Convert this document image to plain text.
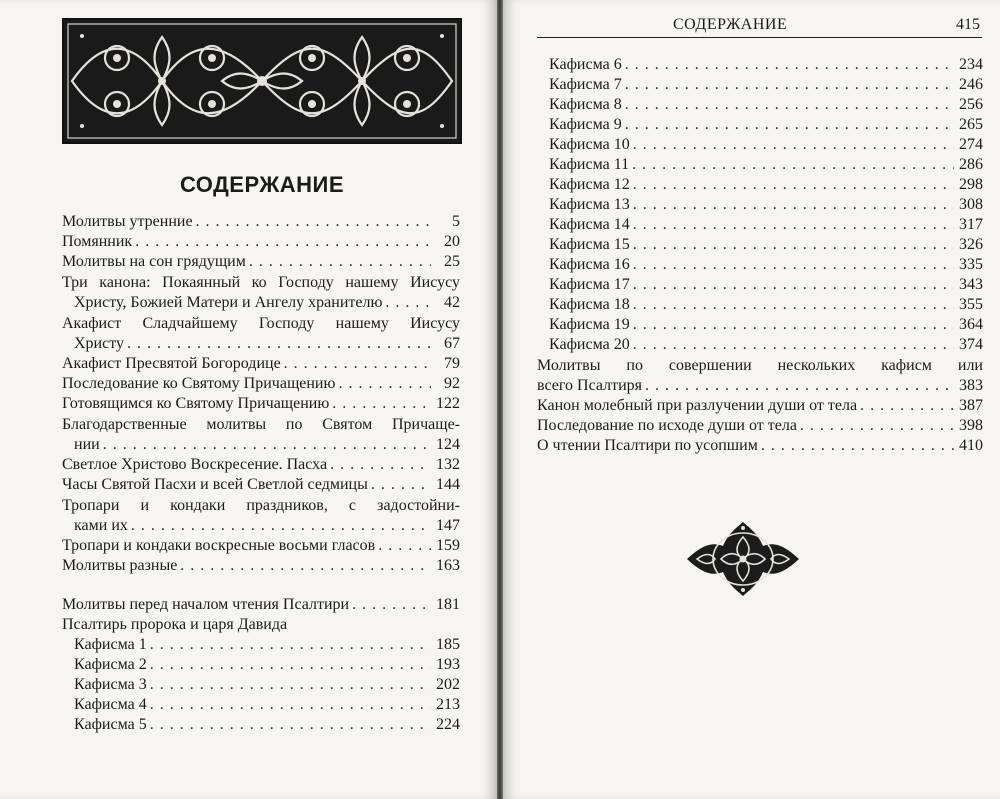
СОДЕРЖАНИЕ
Молитвы утренние . . .	5
Помянник . . .	20
Молитвы на сон грядущим . . .	25
Три канона: Покаянный ко Господу нашему Иисусу
Христу, Божией Матери и Ангелу хранителю . . .	42
Акафист Сладчайшему Господу нашему Иисусу
Христу . . .	67
Акафист Пресвятой Богородице . . .	79
Последование ко Святому Причащению . . .	92
Готовящимся ко Святому Причащению . . .	122
Благодарственные молитвы по Святом Причаще-
нии . . .	124
Светлое Христово Воскресение. Пасха . . .	132
Часы Святой Пасхи и всей Светлой седмицы . . .	144
Тропари и кондаки праздников, с задостойни-
ками их . . .	147
Тропари и кондаки воскресные восьми гласов . . .	159
Молитвы разные . . .	163
Молитвы перед началом чтения Псалтири . . .	181
Псалтирь пророка и царя Давида
Кафисма 1 . . .	185
Кафисма 2 . . .	193
Кафисма 3 . . .	202
Кафисма 4 . . .	213
Кафисма 5 . . .	224
СОДЕРЖАНИЕ	415
Кафисма 6 . . .	234
Кафисма 7 . . .	246
Кафисма 8 . . .	256
Кафисма 9 . . .	265
Кафисма 10 . . .	274
Кафисма 11 . . .	286
Кафисма 12 . . .	298
Кафисма 13 . . .	308
Кафисма 14 . . .	317
Кафисма 15 . . .	326
Кафисма 16 . . .	335
Кафисма 17 . . .	343
Кафисма 18 . . .	355
Кафисма 19 . . .	364
Кафисма 20 . . .	374
Молитвы по совершении нескольких кафисм или
всего Псалтиря . . .	383
Канон молебный при разлучении души от тела . . .	387
Последование по исходе души от тела . . .	398
О чтении Псалтири по усопшим . . .	410
